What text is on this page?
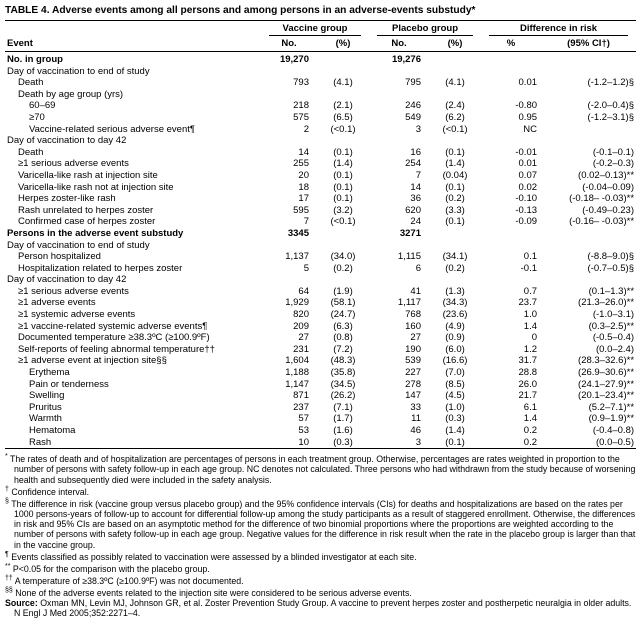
TABLE 4. Adverse events among all persons and among persons in an adverse-events substudy*

	Vaccine group		Placebo group		Difference in risk	

Event	No.	(%)	No.	(%)	%	(95% CI†)
No. in group	19,270		19,276			
Day of vaccination to end of study						
Death	793	(4.1)	795	(4.1)	0.01	(-1.2–1.2)§
Death by age group (yrs)						
60–69	218	(2.1)	246	(2.4)	-0.80	(-2.0–0.4)§
≥70	575	(6.5)	549	(6.2)	0.95	(-1.2–3.1)§
Vaccine-related serious adverse event¶	2	(<0.1)	3	(<0.1)	NC	
Day of vaccination to day 42						
Death	14	(0.1)	16	(0.1)	-0.01	(-0.1–0.1)
≥1 serious adverse events	255	(1.4)	254	(1.4)	0.01	(-0.2–0.3)
Varicella-like rash at injection site	20	(0.1)	7	(0.04)	0.07	(0.02–0.13)**
Varicella-like rash not at injection site	18	(0.1)	14	(0.1)	0.02	(-0.04–0.09)
Herpes zoster-like rash	17	(0.1)	36	(0.2)	-0.10	(-0.18– -0.03)**
Rash unrelated to herpes zoster	595	(3.2)	620	(3.3)	-0.13	(-0.49–0.23)
Confirmed case of herpes zoster	7	(<0.1)	24	(0.1)	-0.09	(-0.16– -0.03)**
Persons in the adverse event substudy	3345		3271			
Day of vaccination to end of study						
Person hospitalized	1,137	(34.0)	1,115	(34.1)	0.1	(-8.8–9.0)§
Hospitalization related to herpes zoster	5	(0.2)	6	(0.2)	-0.1	(-0.7–0.5)§
Day of vaccination to day 42						
≥1 serious adverse events	64	(1.9)	41	(1.3)	0.7	(0.1–1.3)**
≥1 adverse events	1,929	(58.1)	1,117	(34.3)	23.7	(21.3–26.0)**
≥1 systemic adverse events	820	(24.7)	768	(23.6)	1.0	(-1.0–3.1)
≥1 vaccine-related systemic adverse events¶	209	(6.3)	160	(4.9)	1.4	(0.3–2.5)**
Documented temperature ≥38.3ºC (≥100.9ºF)	27	(0.8)	27	(0.9)	0	(-0.5–0.4)
Self-reports of feeling abnormal temperature††	231	(7.2)	190	(6.0)	1.2	(0.0–2.4)
≥1 adverse event at injection site§§	1,604	(48.3)	539	(16.6)	31.7	(28.3–32.6)**
Erythema	1,188	(35.8)	227	(7.0)	28.8	(26.9–30.6)**
Pain or tenderness	1,147	(34.5)	278	(8.5)	26.0	(24.1–27.9)**
Swelling	871	(26.2)	147	(4.5)	21.7	(20.1–23.4)**
Pruritus	237	(7.1)	33	(1.0)	6.1	(5.2–7.1)**
Warmth	57	(1.7)	11	(0.3)	1.4	(0.9–1.9)**
Hematoma	53	(1.6)	46	(1.4)	0.2	(-0.4–0.8)
Rash	10	(0.3)	3	(0.1)	0.2	(0.0–0.5)

* The rates of death and of hospitalization are percentages of persons in each treatment group. Otherwise, percentages are rates weighted in proportion to the number of persons with safety follow-up in each age group. NC denotes not calculated. Three persons who had withdrawn from the study because of worsening health and subsequently died were included in the safety analysis.

† Confidence interval.

§ The difference in risk (vaccine group versus placebo group) and the 95% confidence intervals (CIs) for deaths and hospitalizations are based on the rates per 1000 persons-years of follow-up to account for differential follow-up among the study participants as a result of staggered enrollment. Otherwise, the differences in risk and 95% CIs are based on an asymptotic method for the difference of two binomial proportions where the proportions are weighted according to the number of persons with safety follow-up in each age group. Negative values for the difference in risk result when the rate in the placebo group is larger than that in the vaccine group.

¶ Events classified as possibly related to vaccination were assessed by a blinded investigator at each site.

** P<0.05 for the comparison with the placebo group.

†† A temperature of ≥38.3ºC (≥100.9ºF) was not documented.

§§ None of the adverse events related to the injection site were considered to be serious adverse events.

Source: Oxman MN, Levin MJ, Johnson GR, et al. Zoster Prevention Study Group. A vaccine to prevent herpes zoster and postherpetic neuralgia in older adults. N Engl J Med 2005;352:2271–4.
